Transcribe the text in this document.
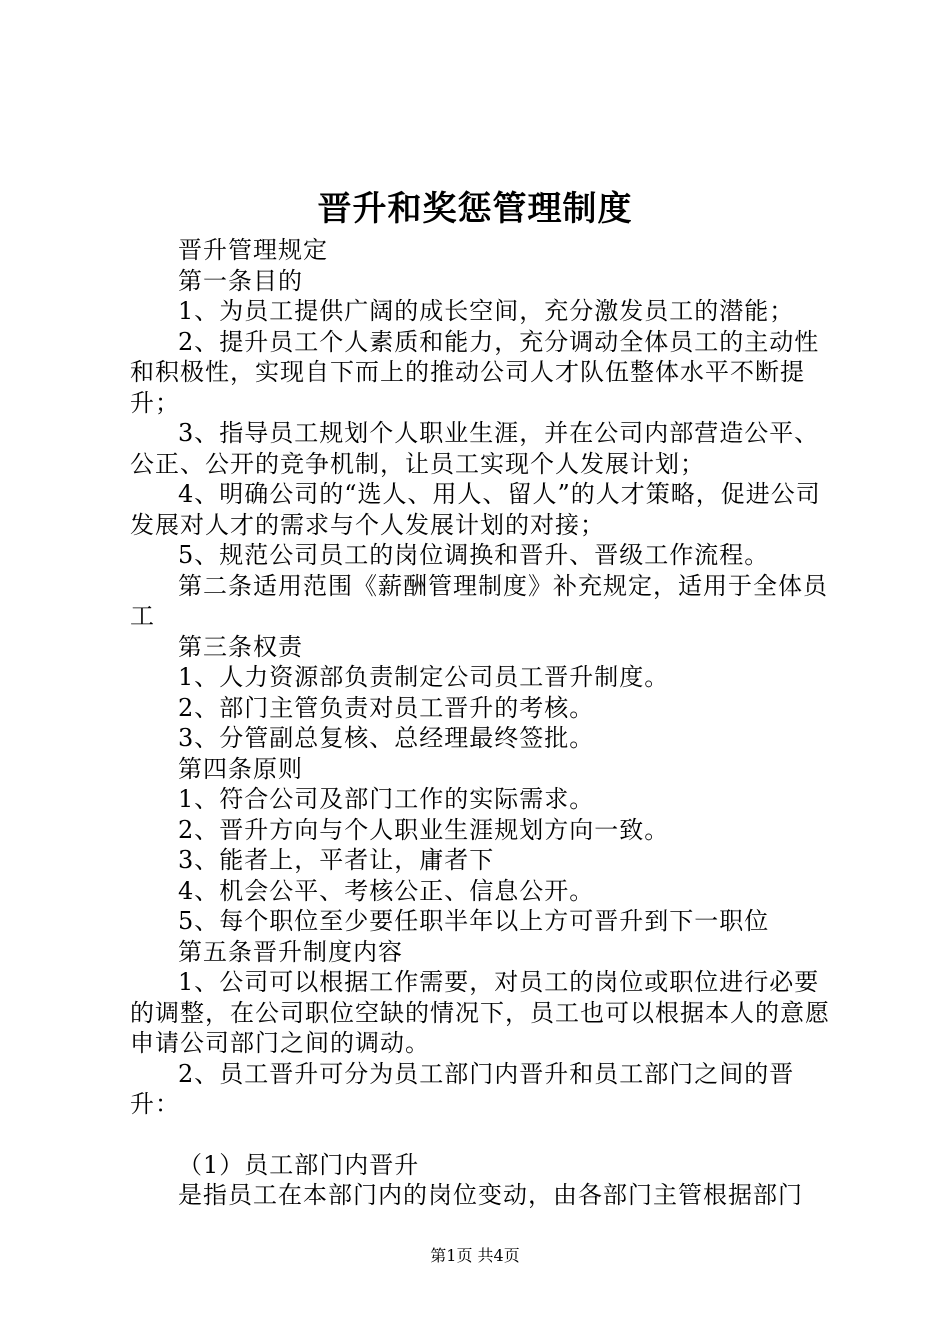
晋升和奖惩管理制度

晋升管理规定

第一条目的

1、为员工提供广阔的成长空间，充分激发员工的潜能；

2、提升员工个人素质和能力，充分调动全体员工的主动性和积极性，实现自下而上的推动公司人才队伍整体水平不断提升；

3、指导员工规划个人职业生涯，并在公司内部营造公平、公正、公开的竞争机制，让员工实现个人发展计划；

4、明确公司的“选人、用人、留人”的人才策略，促进公司发展对人才的需求与个人发展计划的对接；

5、规范公司员工的岗位调换和晋升、晋级工作流程。

第二条适用范围《薪酬管理制度》补充规定，适用于全体员工

第三条权责

1、人力资源部负责制定公司员工晋升制度。

2、部门主管负责对员工晋升的考核。

3、分管副总复核、总经理最终签批。

第四条原则

1、符合公司及部门工作的实际需求。

2、晋升方向与个人职业生涯规划方向一致。

3、能者上，平者让，庸者下

4、机会公平、考核公正、信息公开。

5、每个职位至少要任职半年以上方可晋升到下一职位

第五条晋升制度内容

1、公司可以根据工作需要，对员工的岗位或职位进行必要的调整，在公司职位空缺的情况下，员工也可以根据本人的意愿申请公司部门之间的调动。

2、员工晋升可分为员工部门内晋升和员工部门之间的晋升：

（1）员工部门内晋升

是指员工在本部门内的岗位变动，由各部门主管根据部门

第1页 共4页
